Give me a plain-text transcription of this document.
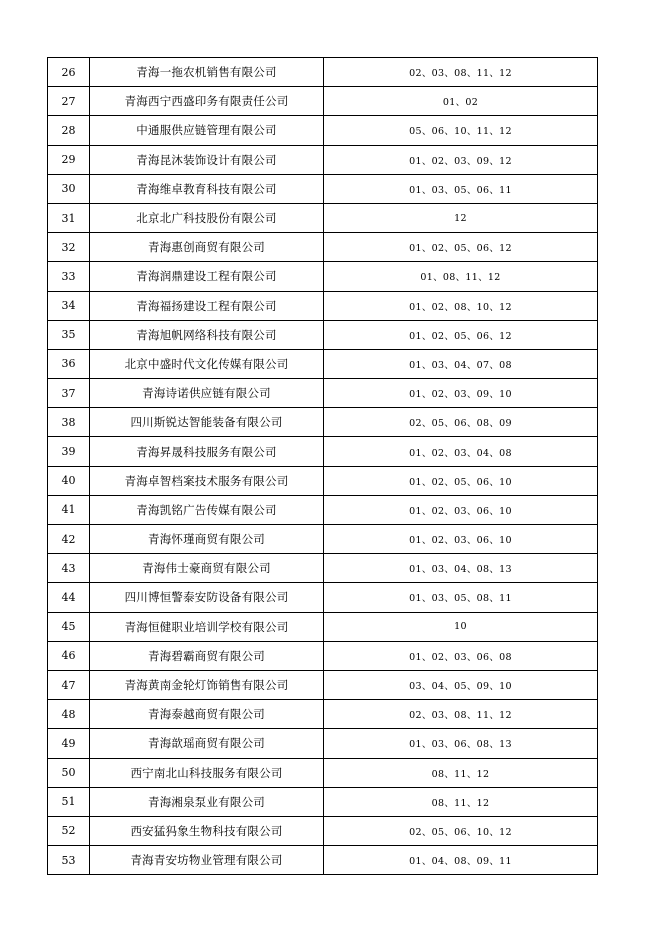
26	青海一拖农机销售有限公司	02、03、08、11、12
27	青海西宁西盛印务有限责任公司	01、02
28	中通服供应链管理有限公司	05、06、10、11、12
29	青海昆沐装饰设计有限公司	01、02、03、09、12
30	青海维卓教育科技有限公司	01、03、05、06、11
31	北京北广科技股份有限公司	12
32	青海惠创商贸有限公司	01、02、05、06、12
33	青海润鼎建设工程有限公司	01、08、11、12
34	青海福扬建设工程有限公司	01、02、08、10、12
35	青海旭帆网络科技有限公司	01、02、05、06、12
36	北京中盛时代文化传媒有限公司	01、03、04、07、08
37	青海诗诺供应链有限公司	01、02、03、09、10
38	四川斯锐达智能装备有限公司	02、05、06、08、09
39	青海昇晟科技服务有限公司	01、02、03、04、08
40	青海卓智档案技术服务有限公司	01、02、05、06、10
41	青海凯铭广告传媒有限公司	01、02、03、06、10
42	青海怀瑾商贸有限公司	01、02、03、06、10
43	青海伟士豪商贸有限公司	01、03、04、08、13
44	四川博恒警泰安防设备有限公司	01、03、05、08、11
45	青海恒健职业培训学校有限公司	10
46	青海碧霸商贸有限公司	01、02、03、06、08
47	青海黄南金轮灯饰销售有限公司	03、04、05、09、10
48	青海泰越商贸有限公司	02、03、08、11、12
49	青海歆瑶商贸有限公司	01、03、06、08、13
50	西宁南北山科技服务有限公司	08、11、12
51	青海湘泉泵业有限公司	08、11、12
52	西安猛犸象生物科技有限公司	02、05、06、10、12
53	青海青安坊物业管理有限公司	01、04、08、09、11
